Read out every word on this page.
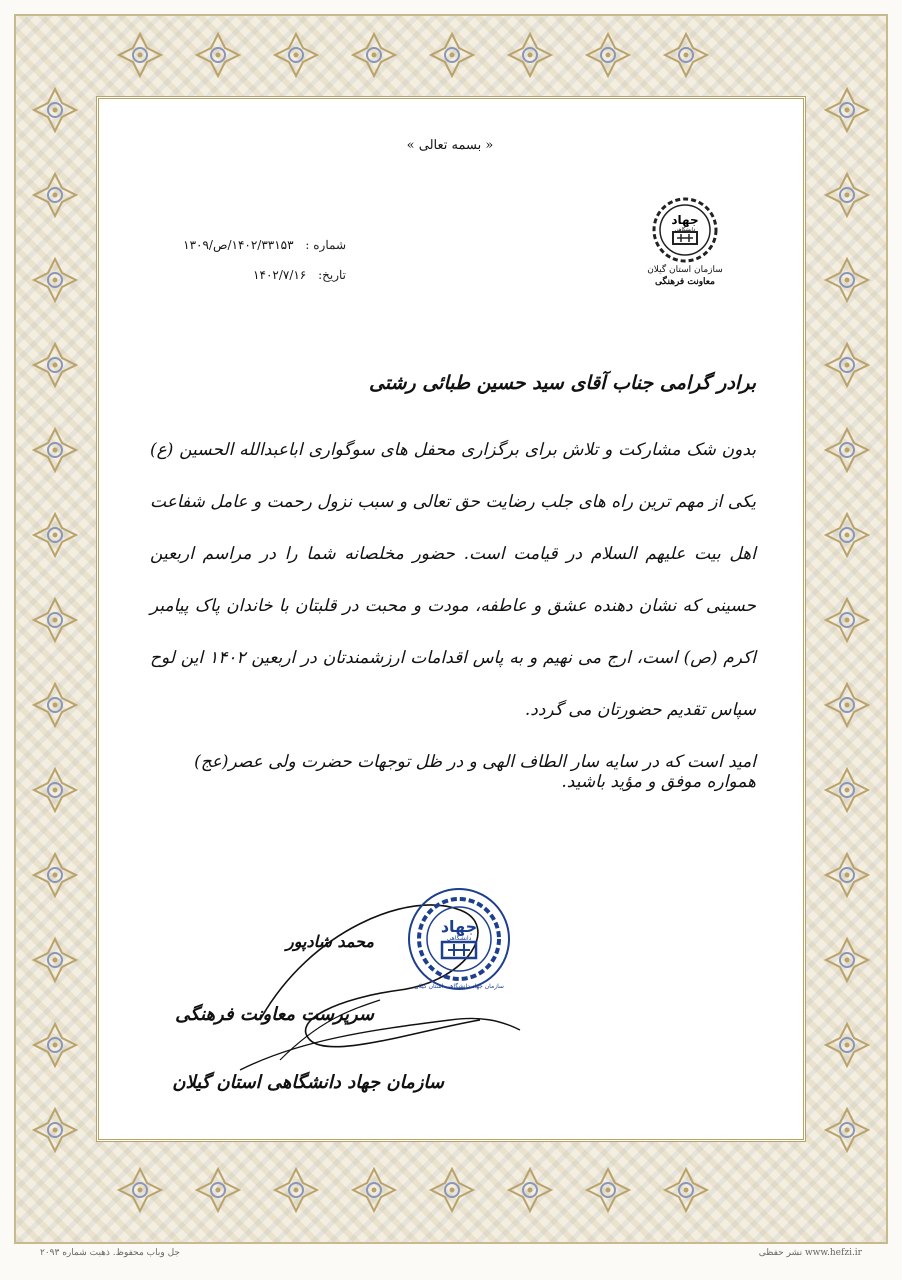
« بسمه تعالی »
شماره : ۱۴۰۲/۳۳۱۵۳/ص/۱۳۰۹
تاریخ: ۱۴۰۲/۷/۱۶
جهاد
دانشگاهی
سازمان استان گیلان
معاونت فرهنگی

برادر گرامی جناب آقای سید حسین طبائی رشتی

بدون شک مشارکت و تلاش برای برگزاری محفل های سوگواری اباعبدالله الحسین (ع) یکی از مهم ترین راه های جلب رضایت حق تعالی و سبب نزول رحمت و عامل شفاعت اهل بیت علیهم السلام در قیامت است. حضور مخلصانه شما را در مراسم اربعین حسینی که نشان دهنده عشق و عاطفه، مودت و محبت در قلبتان با خاندان پاک پیامبر اکرم (ص) است، ارج می نهیم و به پاس اقدامات ارزشمندتان در اربعین ۱۴۰۲ این لوح سپاس تقدیم حضورتان می گردد.

امید است که در سایه سار الطاف الهی و در ظل توجهات حضرت ولی عصر(عج) همواره موفق و مؤید باشید.

جهاد
دانشگاهی
سازمان جهاد دانشگاهی استان گیلان
محمد شادپور
سرپرست معاونت فرهنگی
سازمان جهاد دانشگاهی استان گیلان
جل وباب محفوظ. ذهبت شماره ۲۰۹۳	www.hefzi.ir نشر حفظی
